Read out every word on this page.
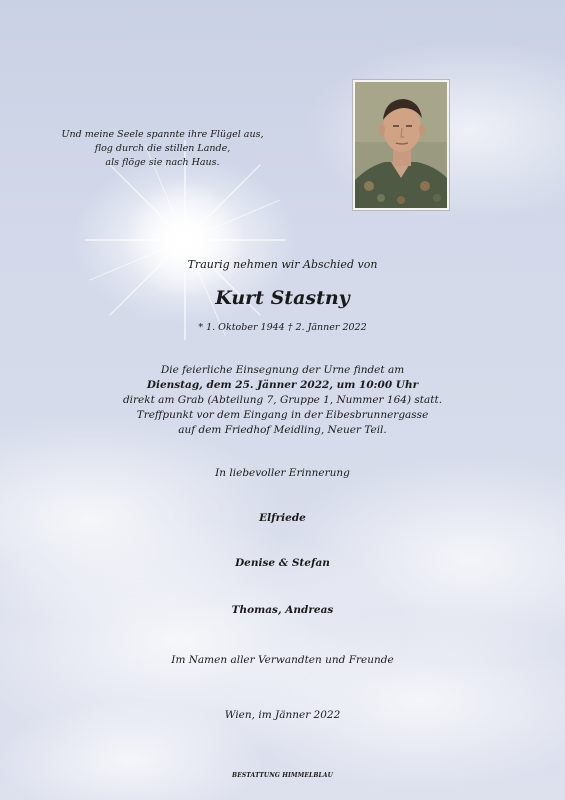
Und meine Seele spannte ihre Flügel aus,
flog durch die stillen Lande,
als flöge sie nach Haus.
Traurig nehmen wir Abschied von
Kurt Stastny
* 1. Oktober 1944 † 2. Jänner 2022
Die feierliche Einsegnung der Urne findet am
Dienstag, dem 25. Jänner 2022, um 10:00 Uhr
direkt am Grab (Abteilung 7, Gruppe 1, Nummer 164) statt.
Treffpunkt vor dem Eingang in der Eibesbrunnergasse
auf dem Friedhof Meidling, Neuer Teil.
In liebevoller Erinnerung
Elfriede
Denise & Stefan
Thomas, Andreas
Im Namen aller Verwandten und Freunde
Wien, im Jänner 2022
BESTATTUNG HIMMELBLAU
